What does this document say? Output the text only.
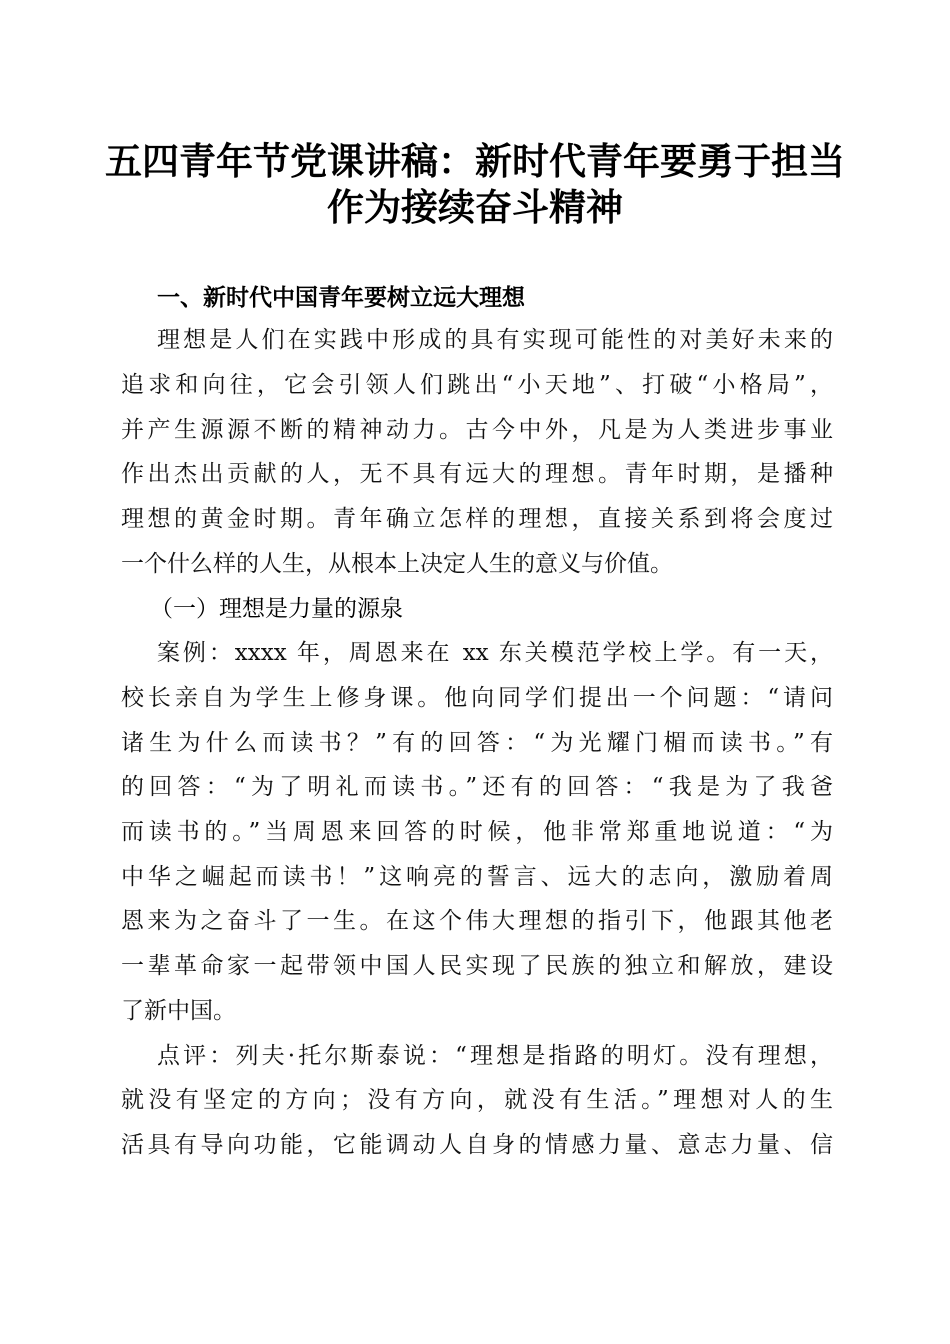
五四青年节党课讲稿：新时代青年要勇于担当
作为接续奋斗精神
一、新时代中国青年要树立远大理想
理想是人们在实践中形成的具有实现可能性的对美好未来的
追求和向往，它会引领人们跳出“小天地”、打破“小格局”，
并产生源源不断的精神动力。古今中外，凡是为人类进步事业
作出杰出贡献的人，无不具有远大的理想。青年时期，是播种
理想的黄金时期。青年确立怎样的理想，直接关系到将会度过
一个什么样的人生，从根本上决定人生的意义与价值。
（一）理想是力量的源泉
案例：xxxx 年，周恩来在 xx 东关模范学校上学。有一天，
校长亲自为学生上修身课。他向同学们提出一个问题：“请问
诸生为什么而读书？”有的回答：“为光耀门楣而读书。”有
的回答：“为了明礼而读书。”还有的回答：“我是为了我爸
而读书的。”当周恩来回答的时候，他非常郑重地说道：“为
中华之崛起而读书！”这响亮的誓言、远大的志向，激励着周
恩来为之奋斗了一生。在这个伟大理想的指引下，他跟其他老
一辈革命家一起带领中国人民实现了民族的独立和解放，建设
了新中国。
点评：列夫·托尔斯泰说：“理想是指路的明灯。没有理想，
就没有坚定的方向；没有方向，就没有生活。”理想对人的生
活具有导向功能，它能调动人自身的情感力量、意志力量、信
